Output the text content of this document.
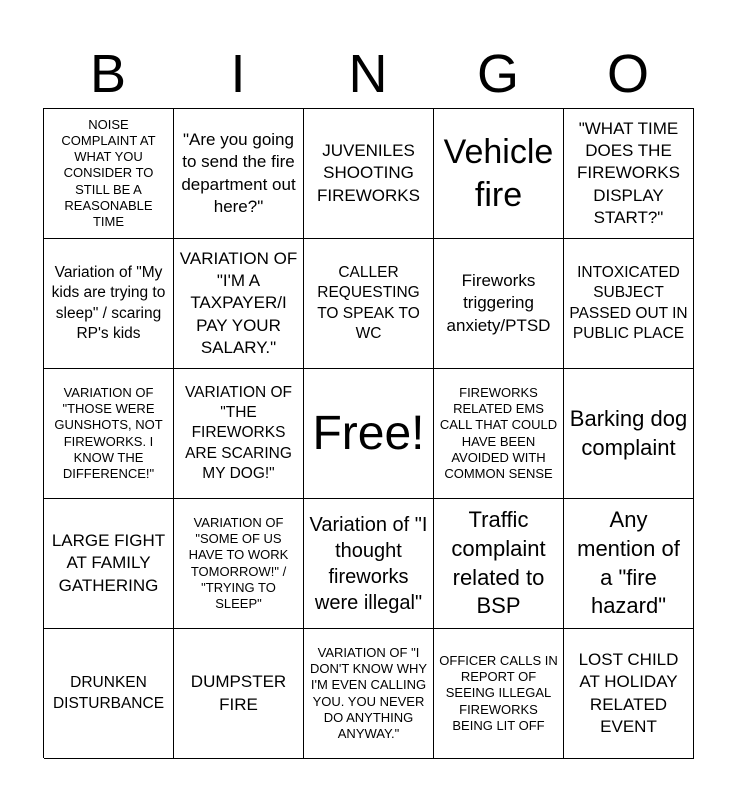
B	I	N	G	O
NOISE COMPLAINT AT WHAT YOU CONSIDER TO STILL BE A REASONABLE TIME
"Are you going to send the fire department out here?"
JUVENILES SHOOTING FIREWORKS
Vehicle fire
"WHAT TIME DOES THE FIREWORKS DISPLAY START?"
Variation of "My kids are trying to sleep" / scaring RP's kids
VARIATION OF "I'M A TAXPAYER/I PAY YOUR SALARY."
CALLER REQUESTING TO SPEAK TO WC
Fireworks triggering anxiety/PTSD
INTOXICATED SUBJECT PASSED OUT IN PUBLIC PLACE
VARIATION OF "THOSE WERE GUNSHOTS, NOT FIREWORKS. I KNOW THE DIFFERENCE!"
VARIATION OF "THE FIREWORKS ARE SCARING MY DOG!"
Free!
FIREWORKS RELATED EMS CALL THAT COULD HAVE BEEN AVOIDED WITH COMMON SENSE
Barking dog complaint
LARGE FIGHT AT FAMILY GATHERING
VARIATION OF "SOME OF US HAVE TO WORK TOMORROW!" / "TRYING TO SLEEP"
Variation of "I thought fireworks were illegal"
Traffic complaint related to BSP
Any mention of a "fire hazard"
DRUNKEN DISTURBANCE
DUMPSTER FIRE
VARIATION OF "I DON'T KNOW WHY I'M EVEN CALLING YOU. YOU NEVER DO ANYTHING ANYWAY."
OFFICER CALLS IN REPORT OF SEEING ILLEGAL FIREWORKS BEING LIT OFF
LOST CHILD AT HOLIDAY RELATED EVENT
